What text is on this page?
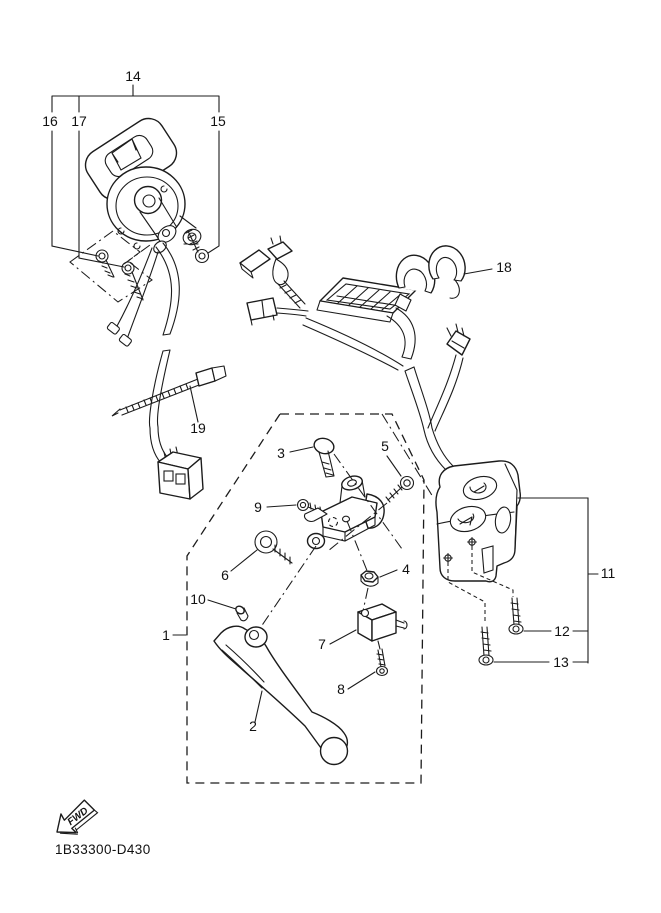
1
2
3
4
5
6
7
8
9
10
11
12
13
14
15
16 17
18
19
FWD
1B33300-D430
